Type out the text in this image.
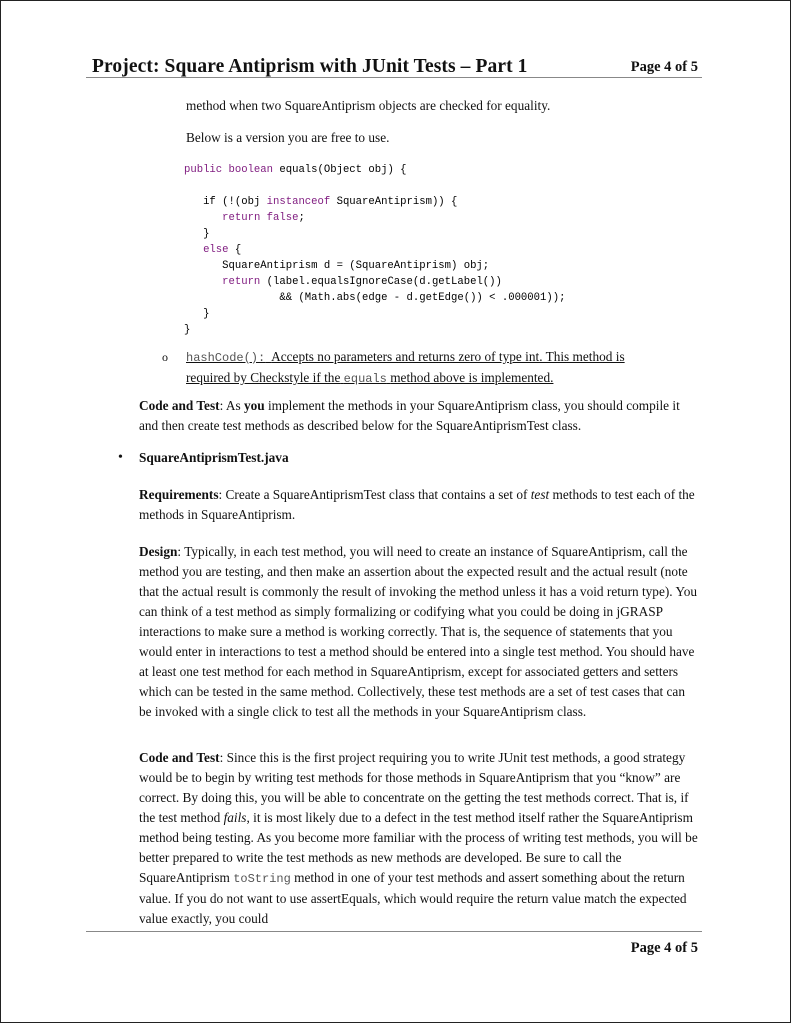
Project: Square Antiprism with JUnit Tests – Part 1	Page 4 of 5

method when two SquareAntiprism objects are checked for equality.

Below is a version you are free to use.

public boolean equals(Object obj) {

if (!(obj instanceof SquareAntiprism)) {
return false;
}
else {
SquareAntiprism d = (SquareAntiprism) obj;
return (label.equalsIgnoreCase(d.getLabel())
&& (Math.abs(edge - d.getEdge()) < .000001));
}
}
o hashCode(): Accepts no parameters and returns zero of type int. This method is
required by Checkstyle if the equals method above is implemented.

Code and Test: As you implement the methods in your SquareAntiprism class, you should compile it and then create test methods as described below for the SquareAntiprismTest class.

• SquareAntiprismTest.java

Requirements: Create a SquareAntiprismTest class that contains a set of test methods to test each of the methods in SquareAntiprism.

Design: Typically, in each test method, you will need to create an instance of SquareAntiprism, call the method you are testing, and then make an assertion about the expected result and the actual result (note that the actual result is commonly the result of invoking the method unless it has a void return type). You can think of a test method as simply formalizing or codifying what you could be doing in jGRASP interactions to make sure a method is working correctly. That is, the sequence of statements that you would enter in interactions to test a method should be entered into a single test method. You should have at least one test method for each method in SquareAntiprism, except for associated getters and setters which can be tested in the same method. Collectively, these test methods are a set of test cases that can be invoked with a single click to test all the methods in your SquareAntiprism class.

Code and Test: Since this is the first project requiring you to write JUnit test methods, a good strategy would be to begin by writing test methods for those methods in SquareAntiprism that you “know” are correct. By doing this, you will be able to concentrate on the getting the test methods correct. That is, if the test method fails, it is most likely due to a defect in the test method itself rather the SquareAntiprism method being testing. As you become more familiar with the process of writing test methods, you will be better prepared to write the test methods as new methods are developed. Be sure to call the SquareAntiprism toString method in one of your test methods and assert something about the return value. If you do not want to use assertEquals, which would require the return value match the expected value exactly, you could

Page 4 of 5
